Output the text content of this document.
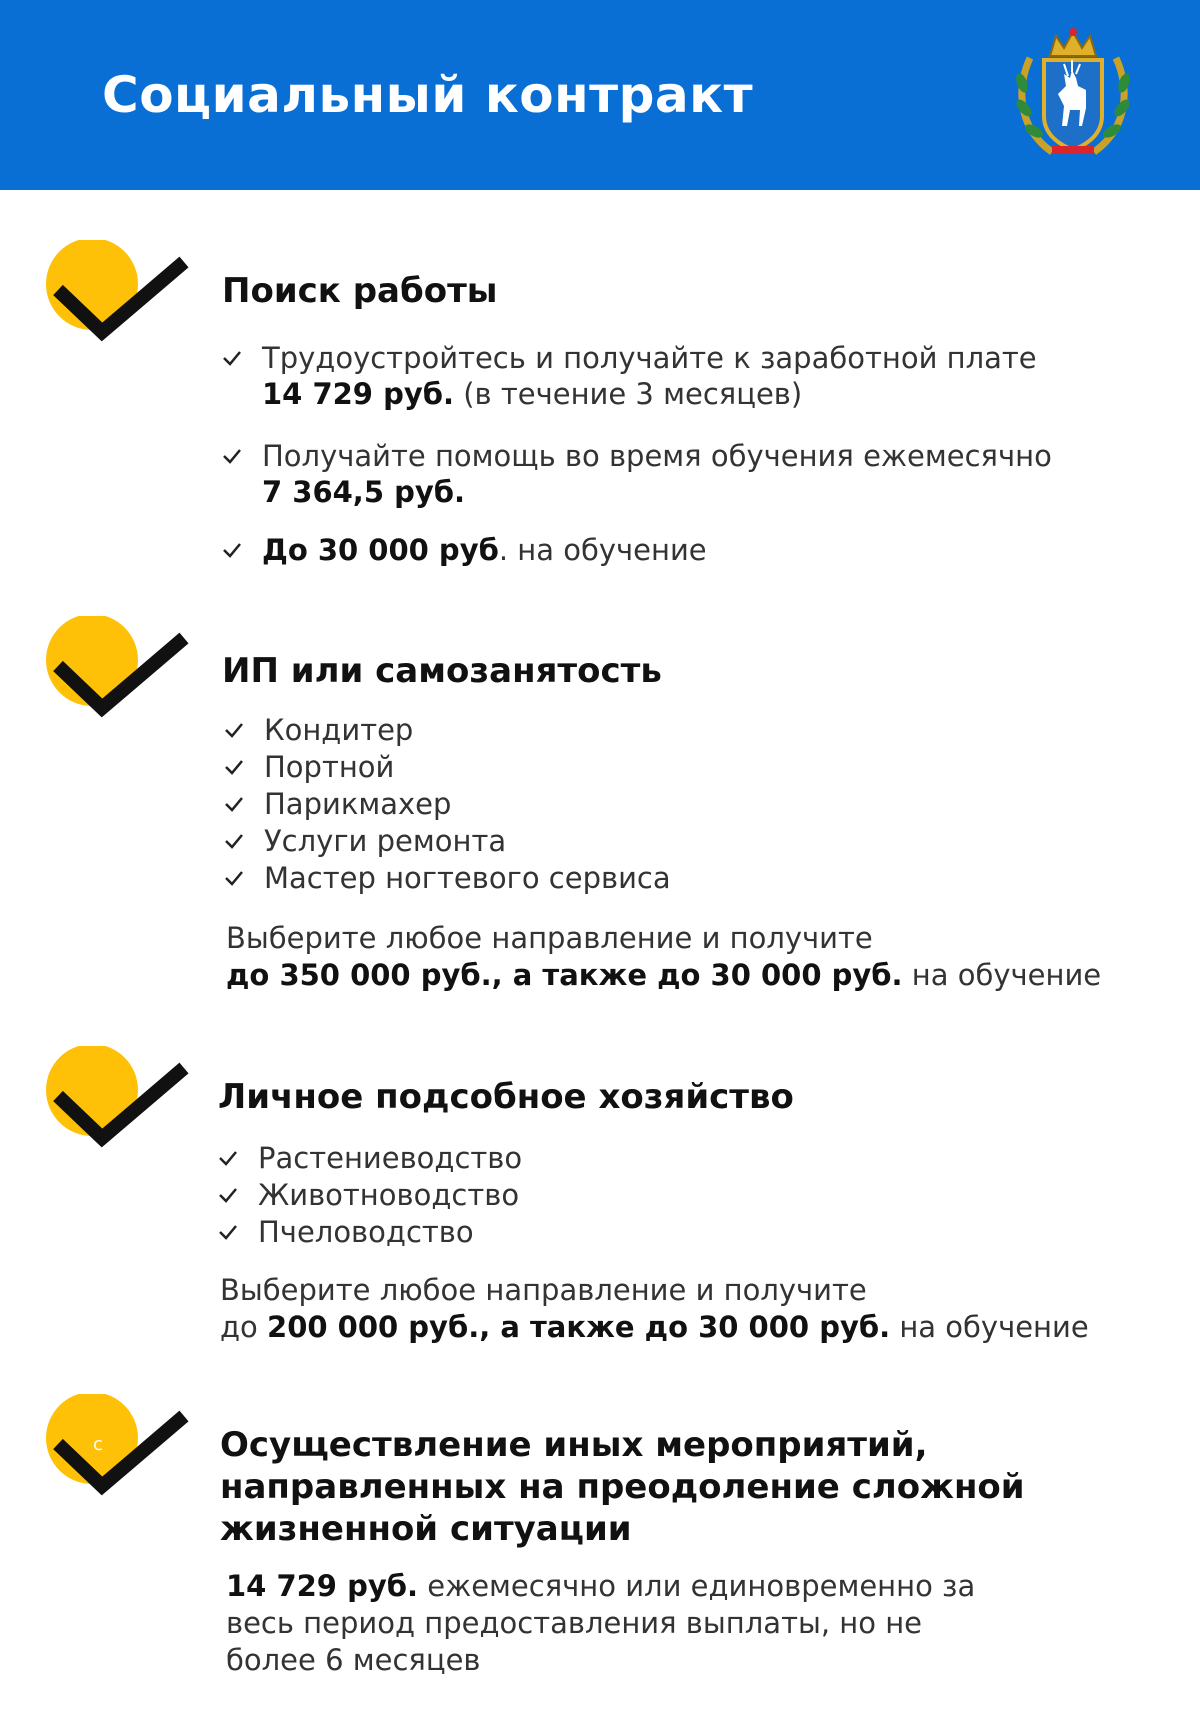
Социальный контракт
Поиск работы
Трудоустройтесь и получайте к заработной плате
14 729 руб. (в течение 3 месяцев)
Получайте помощь во время обучения ежемесячно
7 364,5 руб.
До 30 000 руб. на обучение
ИП или самозанятость
Кондитер
Портной
Парикмахер
Услуги ремонта
Мастер ногтевого сервиса
Выберите любое направление и получите
до 350 000 руб., а также до 30 000 руб. на обучение
Личное подсобное хозяйство
Растениеводство
Животноводство
Пчеловодство
Выберите любое направление и получите
до 200 000 руб., а также до 30 000 руб. на обучение
с	Осуществление иных мероприятий,
направленных на преодоление сложной
жизненной ситуации
14 729 руб. ежемесячно или единовременно за
весь период предоставления выплаты, но не
более 6 месяцев
